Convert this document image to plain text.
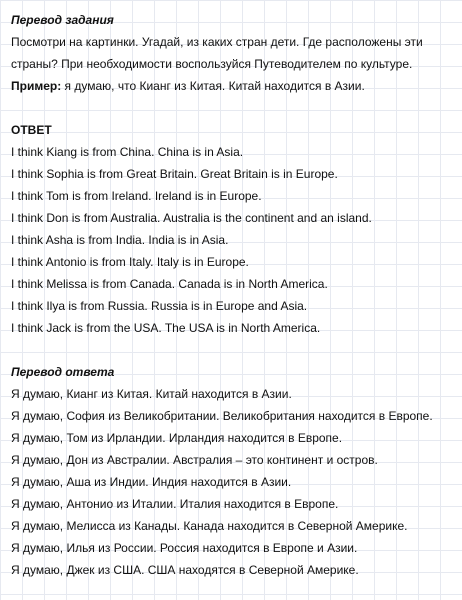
Перевод задания
Посмотри на картинки. Угадай, из каких стран дети. Где расположены эти
страны? При необходимости воспользуйся Путеводителем по культуре.
Пример: я думаю, что Кианг из Китая. Китай находится в Азии.
ОТВЕТ
I think Kiang is from China. China is in Asia.
I think Sophia is from Great Britain. Great Britain is in Europe.
I think Tom is from Ireland. Ireland is in Europe.
I think Don is from Australia. Australia is the continent and an island.
I think Asha is from India. India is in Asia.
I think Antonio is from Italy. Italy is in Europe.
I think Melissa is from Canada. Canada is in North America.
I think Ilya is from Russia. Russia is in Europe and Asia.
I think Jack is from the USA. The USA is in North America.
Перевод ответа
Я думаю, Кианг из Китая. Китай находится в Азии.
Я думаю, София из Великобритании. Великобритания находится в Европе.
Я думаю, Том из Ирландии. Ирландия находится в Европе.
Я думаю, Дон из Австралии. Австралия – это континент и остров.
Я думаю, Аша из Индии. Индия находится в Азии.
Я думаю, Антонио из Италии. Италия находится в Европе.
Я думаю, Мелисса из Канады. Канада находится в Северной Америке.
Я думаю, Илья из России. Россия находится в Европе и Азии.
Я думаю, Джек из США. США находятся в Северной Америке.
